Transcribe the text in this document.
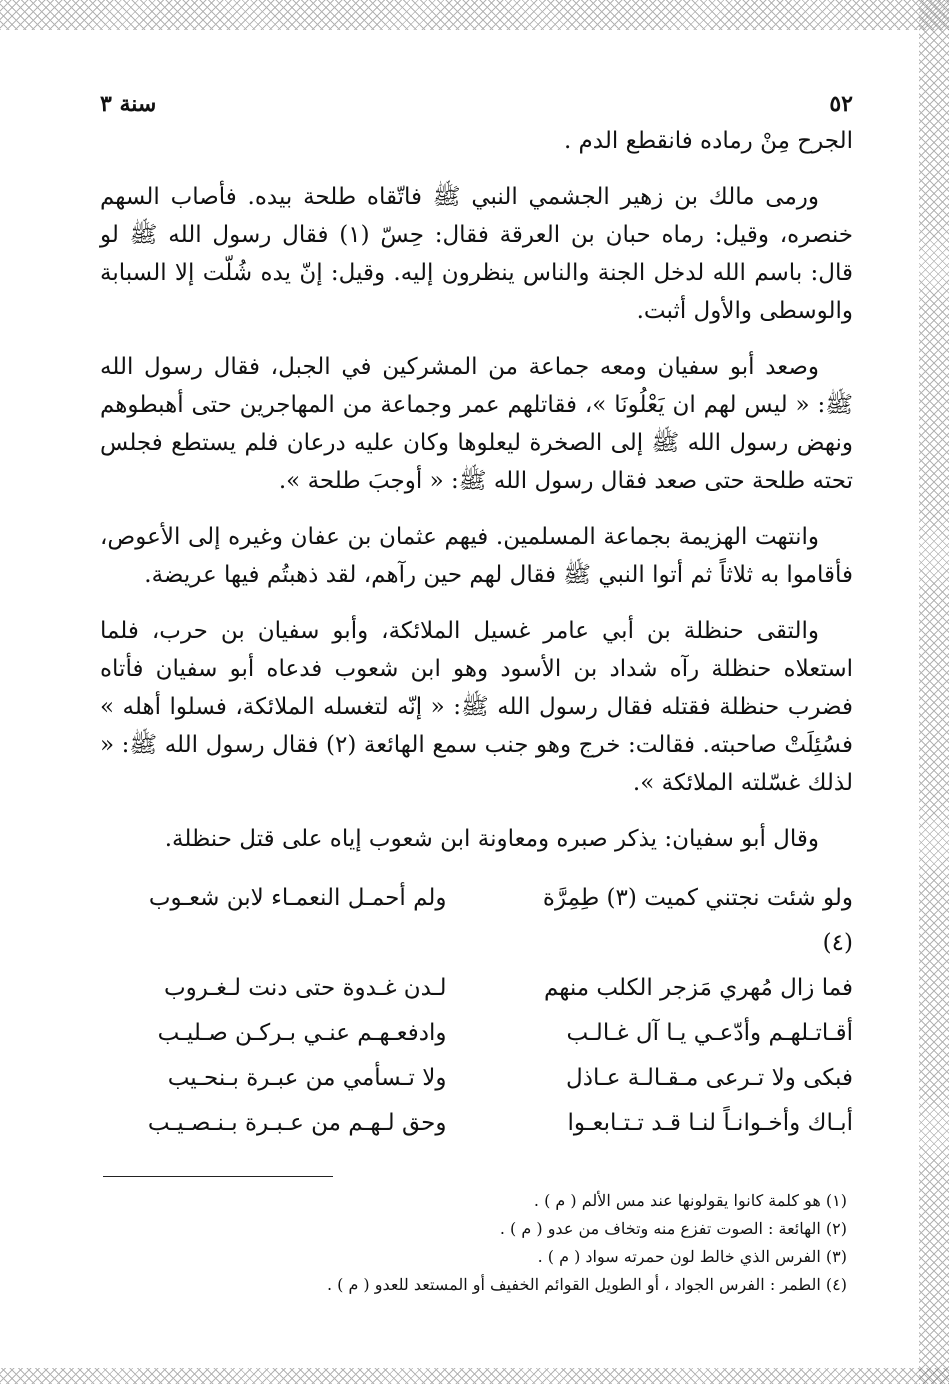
٥٢
سنة ٣
الجرح مِنْ رماده فانقطع الدم .
ورمى مالك بن زهير الجشمي النبي ﷺ فاتّقاه طلحة بيده. فأصاب السهم خنصره، وقيل: رماه حبان بن العرقة فقال: حِسّ (١) فقال رسول الله ﷺ لو قال: باسم الله لدخل الجنة والناس ينظرون إليه. وقيل: إنّ يده شُلّت إلا السبابة والوسطى والأول أثبت.
وصعد أبو سفيان ومعه جماعة من المشركين في الجبل، فقال رسول الله ﷺ: « ليس لهم ان يَعْلُونَا »، فقاتلهم عمر وجماعة من المهاجرين حتى أهبطوهم ونهض رسول الله ﷺ إلى الصخرة ليعلوها وكان عليه درعان فلم يستطع فجلس تحته طلحة حتى صعد فقال رسول الله ﷺ: « أوجبَ طلحة ».
وانتهت الهزيمة بجماعة المسلمين. فيهم عثمان بن عفان وغيره إلى الأعوص، فأقاموا به ثلاثاً ثم أتوا النبي ﷺ فقال لهم حين رآهم، لقد ذهبتُم فيها عريضة.
والتقى حنظلة بن أبي عامر غسيل الملائكة، وأبو سفيان بن حرب، فلما استعلاه حنظلة رآه شداد بن الأسود وهو ابن شعوب فدعاه أبو سفيان فأتاه فضرب حنظلة فقتله فقال رسول الله ﷺ: « إنّه لتغسله الملائكة، فسلوا أهله » فسُئِلَتْ صاحبته. فقالت: خرج وهو جنب سمع الهائعة (٢) فقال رسول الله ﷺ: « لذلك غسّلته الملائكة ».
وقال أبو سفيان: يذكر صبره ومعاونة ابن شعوب إياه على قتل حنظلة.
ولو شئت نجتني كميت (٣) طِمِرَّة (٤)
ولم أحمـل النعمـاء لابن شعـوب
فما زال مُهري مَزجر الكلب منهم
لـدن غـدوة حتى دنت لـغـروب
أقـاتـلهـم وأدّعـي يـا آل غـالـب
وادفعـهـم عنـي بـركـن صـليـب
فبكى ولا تـرعى مـقـالـة عـاذل
ولا تـسأمي من عبـرة بـنحـيب
أبـاك وأخـوانـاً لنـا قـد تـتـابعـوا
وحق لـهـم من عـبـرة بـنـصـيـب
(١) هو كلمة كانوا يقولونها عند مس الألم ( م ) .
(٢) الهائعة : الصوت تفزع منه وتخاف من عدو ( م ) .
(٣) الفرس الذي خالط لون حمرته سواد ( م ) .
(٤) الطمر : الفرس الجواد ، أو الطويل القوائم الخفيف أو المستعد للعدو ( م ) .
